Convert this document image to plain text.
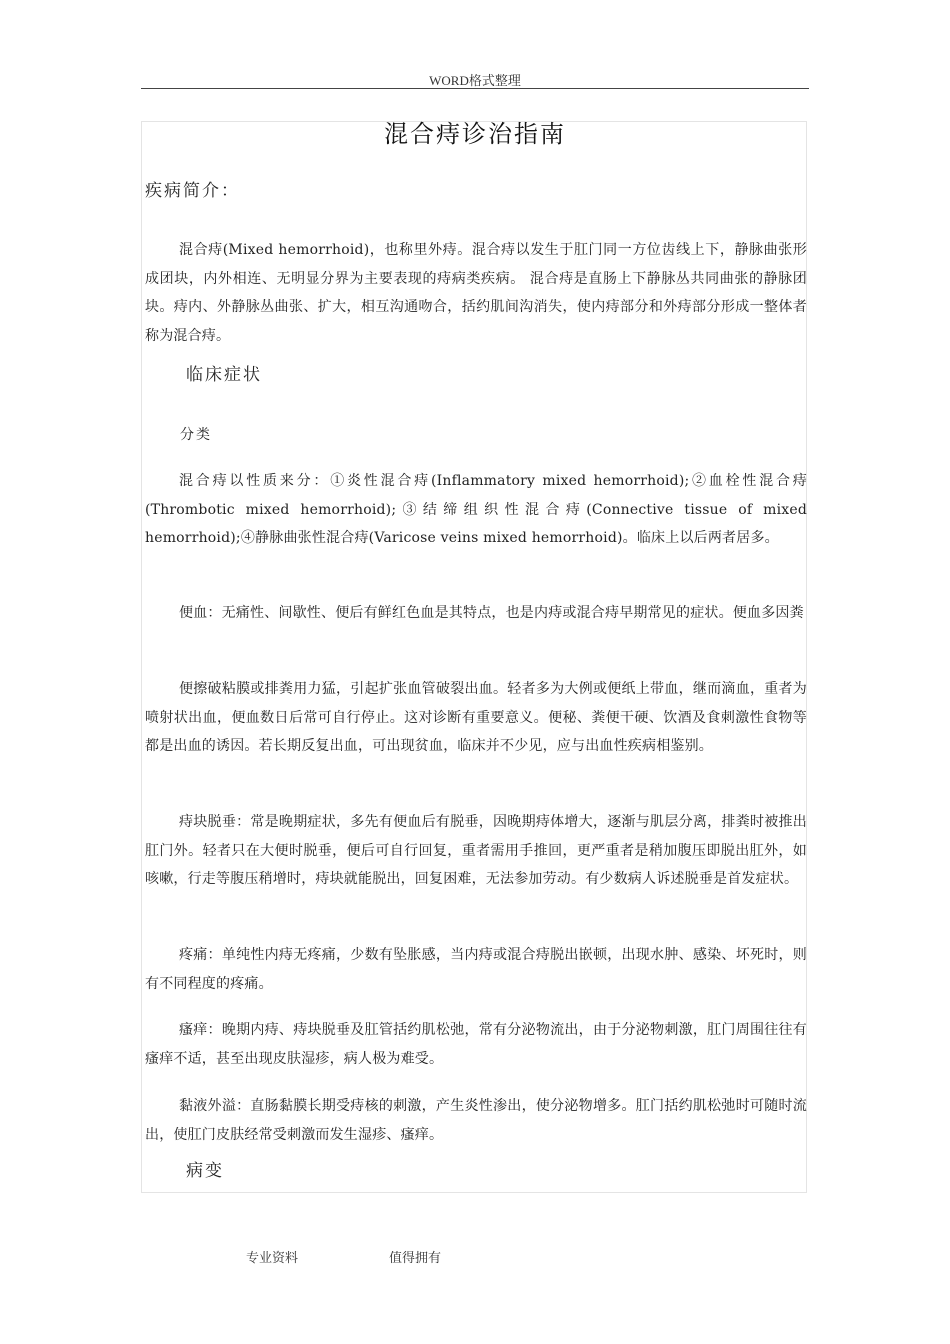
WORD格式整理
混合痔诊治指南
疾病简介：

混合痔(Mixed hemorrhoid)，也称里外痔。混合痔以发生于肛门同一方位齿线上下，静脉曲张形成团块，内外相连、无明显分界为主要表现的痔病类疾病。 混合痔是直肠上下静脉丛共同曲张的静脉团块。痔内、外静脉丛曲张、扩大，相互沟通吻合，括约肌间沟消失，使内痔部分和外痔部分形成一整体者称为混合痔。

临床症状
分类

混合痔以性质来分：①炎性混合痔(Inflammatory mixed hemorrhoid);②血栓性混合痔(Thrombotic mixed hemorrhoid);③结缔组织性混合痔(Connective tissue of mixed hemorrhoid);④静脉曲张性混合痔(Varicose veins mixed hemorrhoid)。临床上以后两者居多。

便血：无痛性、间歇性、便后有鲜红色血是其特点，也是内痔或混合痔早期常见的症状。便血多因粪

便擦破粘膜或排粪用力猛，引起扩张血管破裂出血。轻者多为大例或便纸上带血，继而滴血，重者为喷射状出血，便血数日后常可自行停止。这对诊断有重要意义。便秘、粪便干硬、饮酒及食刺激性食物等都是出血的诱因。若长期反复出血，可出现贫血，临床并不少见，应与出血性疾病相鉴别。

痔块脱垂：常是晚期症状，多先有便血后有脱垂，因晚期痔体增大，逐渐与肌层分离，排粪时被推出肛门外。轻者只在大便时脱垂，便后可自行回复，重者需用手推回，更严重者是稍加腹压即脱出肛外，如咳嗽，行走等腹压稍增时，痔块就能脱出，回复困难，无法参加劳动。有少数病人诉述脱垂是首发症状。

疼痛：单纯性内痔无疼痛，少数有坠胀感，当内痔或混合痔脱出嵌顿，出现水肿、感染、坏死时，则有不同程度的疼痛。

瘙痒：晚期内痔、痔块脱垂及肛管括约肌松弛，常有分泌物流出，由于分泌物刺激，肛门周围往往有瘙痒不适，甚至出现皮肤湿疹，病人极为难受。

黏液外溢：直肠黏膜长期受痔核的刺激，产生炎性渗出，使分泌物增多。肛门括约肌松弛时可随时流出，使肛门皮肤经常受刺激而发生湿疹、瘙痒。

病变
专业资料	值得拥有
